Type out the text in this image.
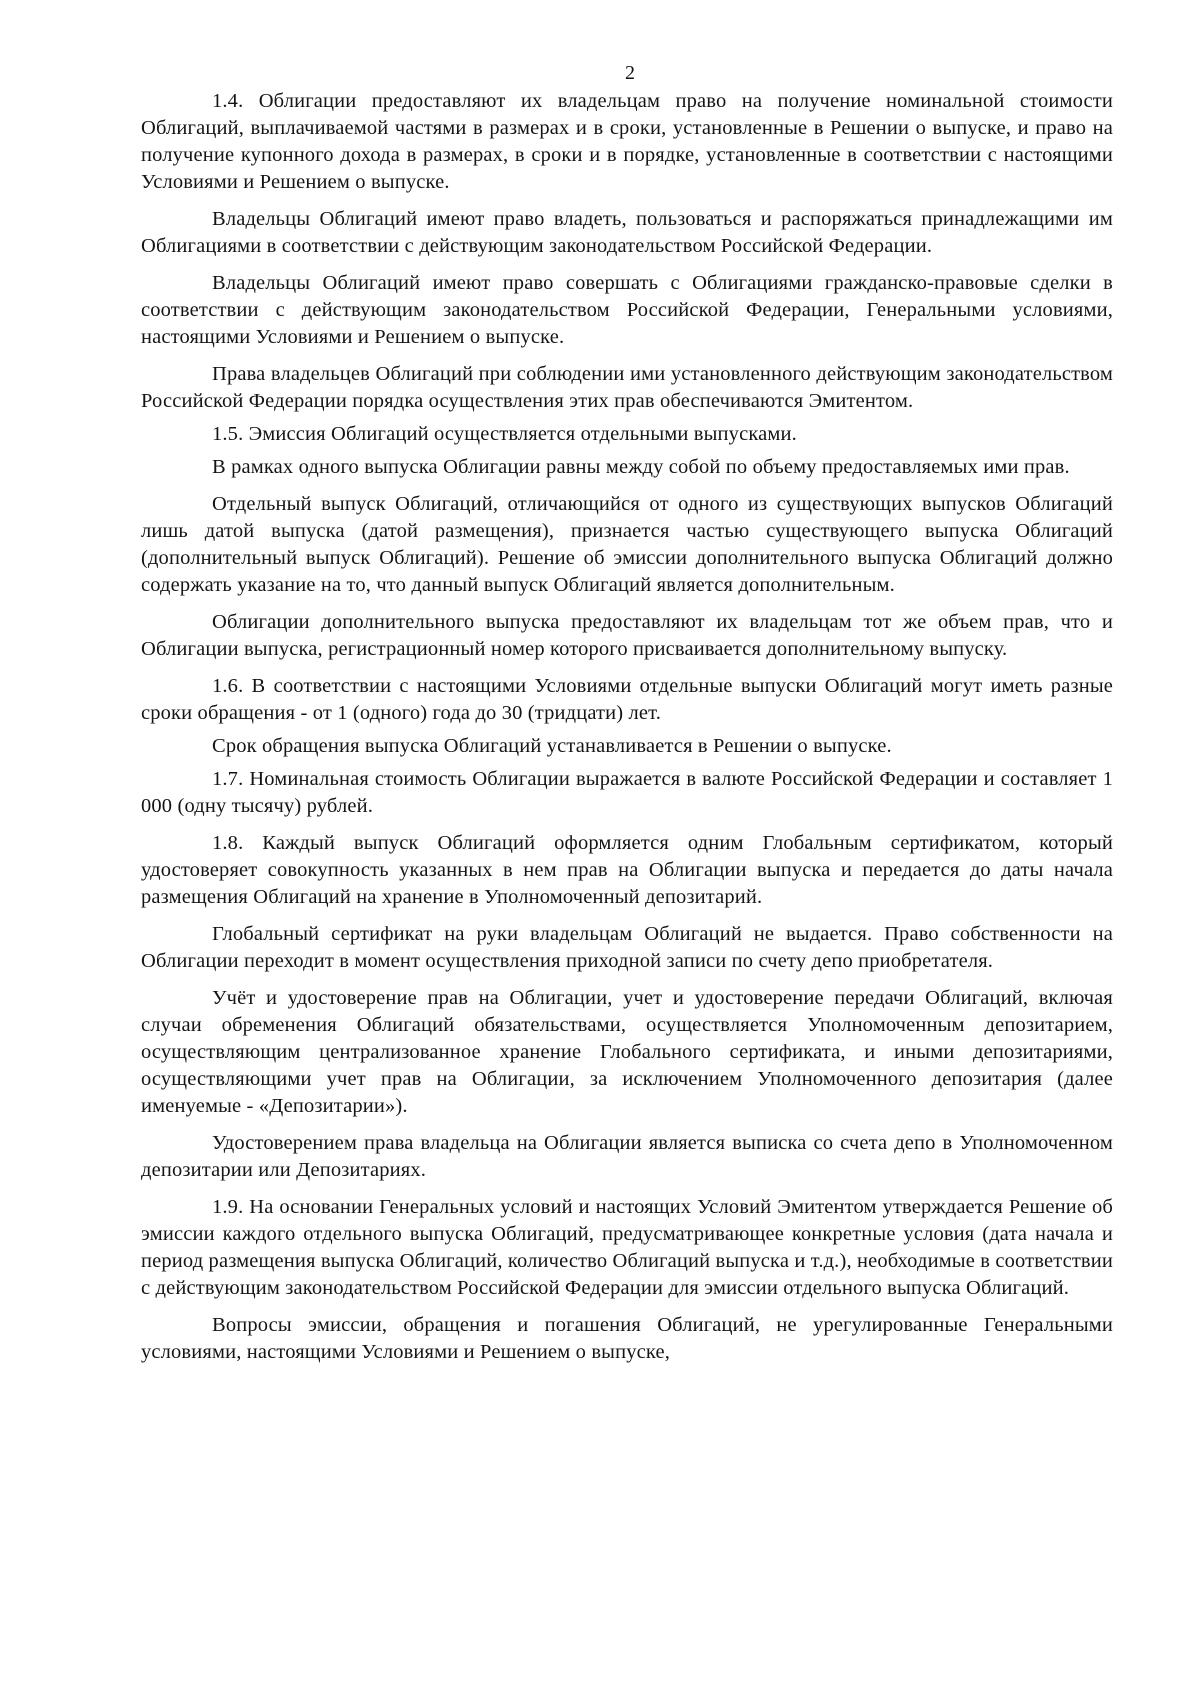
2

1.4. Облигации предоставляют их владельцам право на получение номинальной стоимости Облигаций, выплачиваемой частями в размерах и в сроки, установленные в Решении о выпуске, и право на получение купонного дохода в размерах, в сроки и в порядке, установленные в соответствии с настоящими Условиями и Решением о выпуске.

Владельцы Облигаций имеют право владеть, пользоваться и распоряжаться принадлежащими им Облигациями в соответствии с действующим законодательством Российской Федерации.

Владельцы Облигаций имеют право совершать с Облигациями гражданско-правовые сделки в соответствии с действующим законодательством Российской Федерации, Генеральными условиями, настоящими Условиями и Решением о выпуске.

Права владельцев Облигаций при соблюдении ими установленного действующим законодательством Российской Федерации порядка осуществления этих прав обеспечиваются Эмитентом.

1.5. Эмиссия Облигаций осуществляется отдельными выпусками.

В рамках одного выпуска Облигации равны между собой по объему предоставляемых ими прав.

Отдельный выпуск Облигаций, отличающийся от одного из существующих выпусков Облигаций лишь датой выпуска (датой размещения), признается частью существующего выпуска Облигаций (дополнительный выпуск Облигаций). Решение об эмиссии дополнительного выпуска Облигаций должно содержать указание на то, что данный выпуск Облигаций является дополнительным.

Облигации дополнительного выпуска предоставляют их владельцам тот же объем прав, что и Облигации выпуска, регистрационный номер которого присваивается дополнительному выпуску.

1.6. В соответствии с настоящими Условиями отдельные выпуски Облигаций могут иметь разные сроки обращения - от 1 (одного) года до 30 (тридцати) лет.

Срок обращения выпуска Облигаций устанавливается в Решении о выпуске.

1.7. Номинальная стоимость Облигации выражается в валюте Российской Федерации и составляет 1 000 (одну тысячу) рублей.

1.8. Каждый выпуск Облигаций оформляется одним Глобальным сертификатом, который удостоверяет совокупность указанных в нем прав на Облигации выпуска и передается до даты начала размещения Облигаций на хранение в Уполномоченный депозитарий.

Глобальный сертификат на руки владельцам Облигаций не выдается. Право собственности на Облигации переходит в момент осуществления приходной записи по счету депо приобретателя.

Учёт и удостоверение прав на Облигации, учет и удостоверение передачи Облигаций, включая случаи обременения Облигаций обязательствами, осуществляется Уполномоченным депозитарием, осуществляющим централизованное хранение Глобального сертификата, и иными депозитариями, осуществляющими учет прав на Облигации, за исключением Уполномоченного депозитария (далее именуемые - «Депозитарии»).

Удостоверением права владельца на Облигации является выписка со счета депо в Уполномоченном депозитарии или Депозитариях.

1.9. На основании Генеральных условий и настоящих Условий Эмитентом утверждается Решение об эмиссии каждого отдельного выпуска Облигаций, предусматривающее конкретные условия (дата начала и период размещения выпуска Облигаций, количество Облигаций выпуска и т.д.), необходимые в соответствии с действующим законодательством Российской Федерации для эмиссии отдельного выпуска Облигаций.

Вопросы эмиссии, обращения и погашения Облигаций, не урегулированные Генеральными условиями, настоящими Условиями и Решением о выпуске,
